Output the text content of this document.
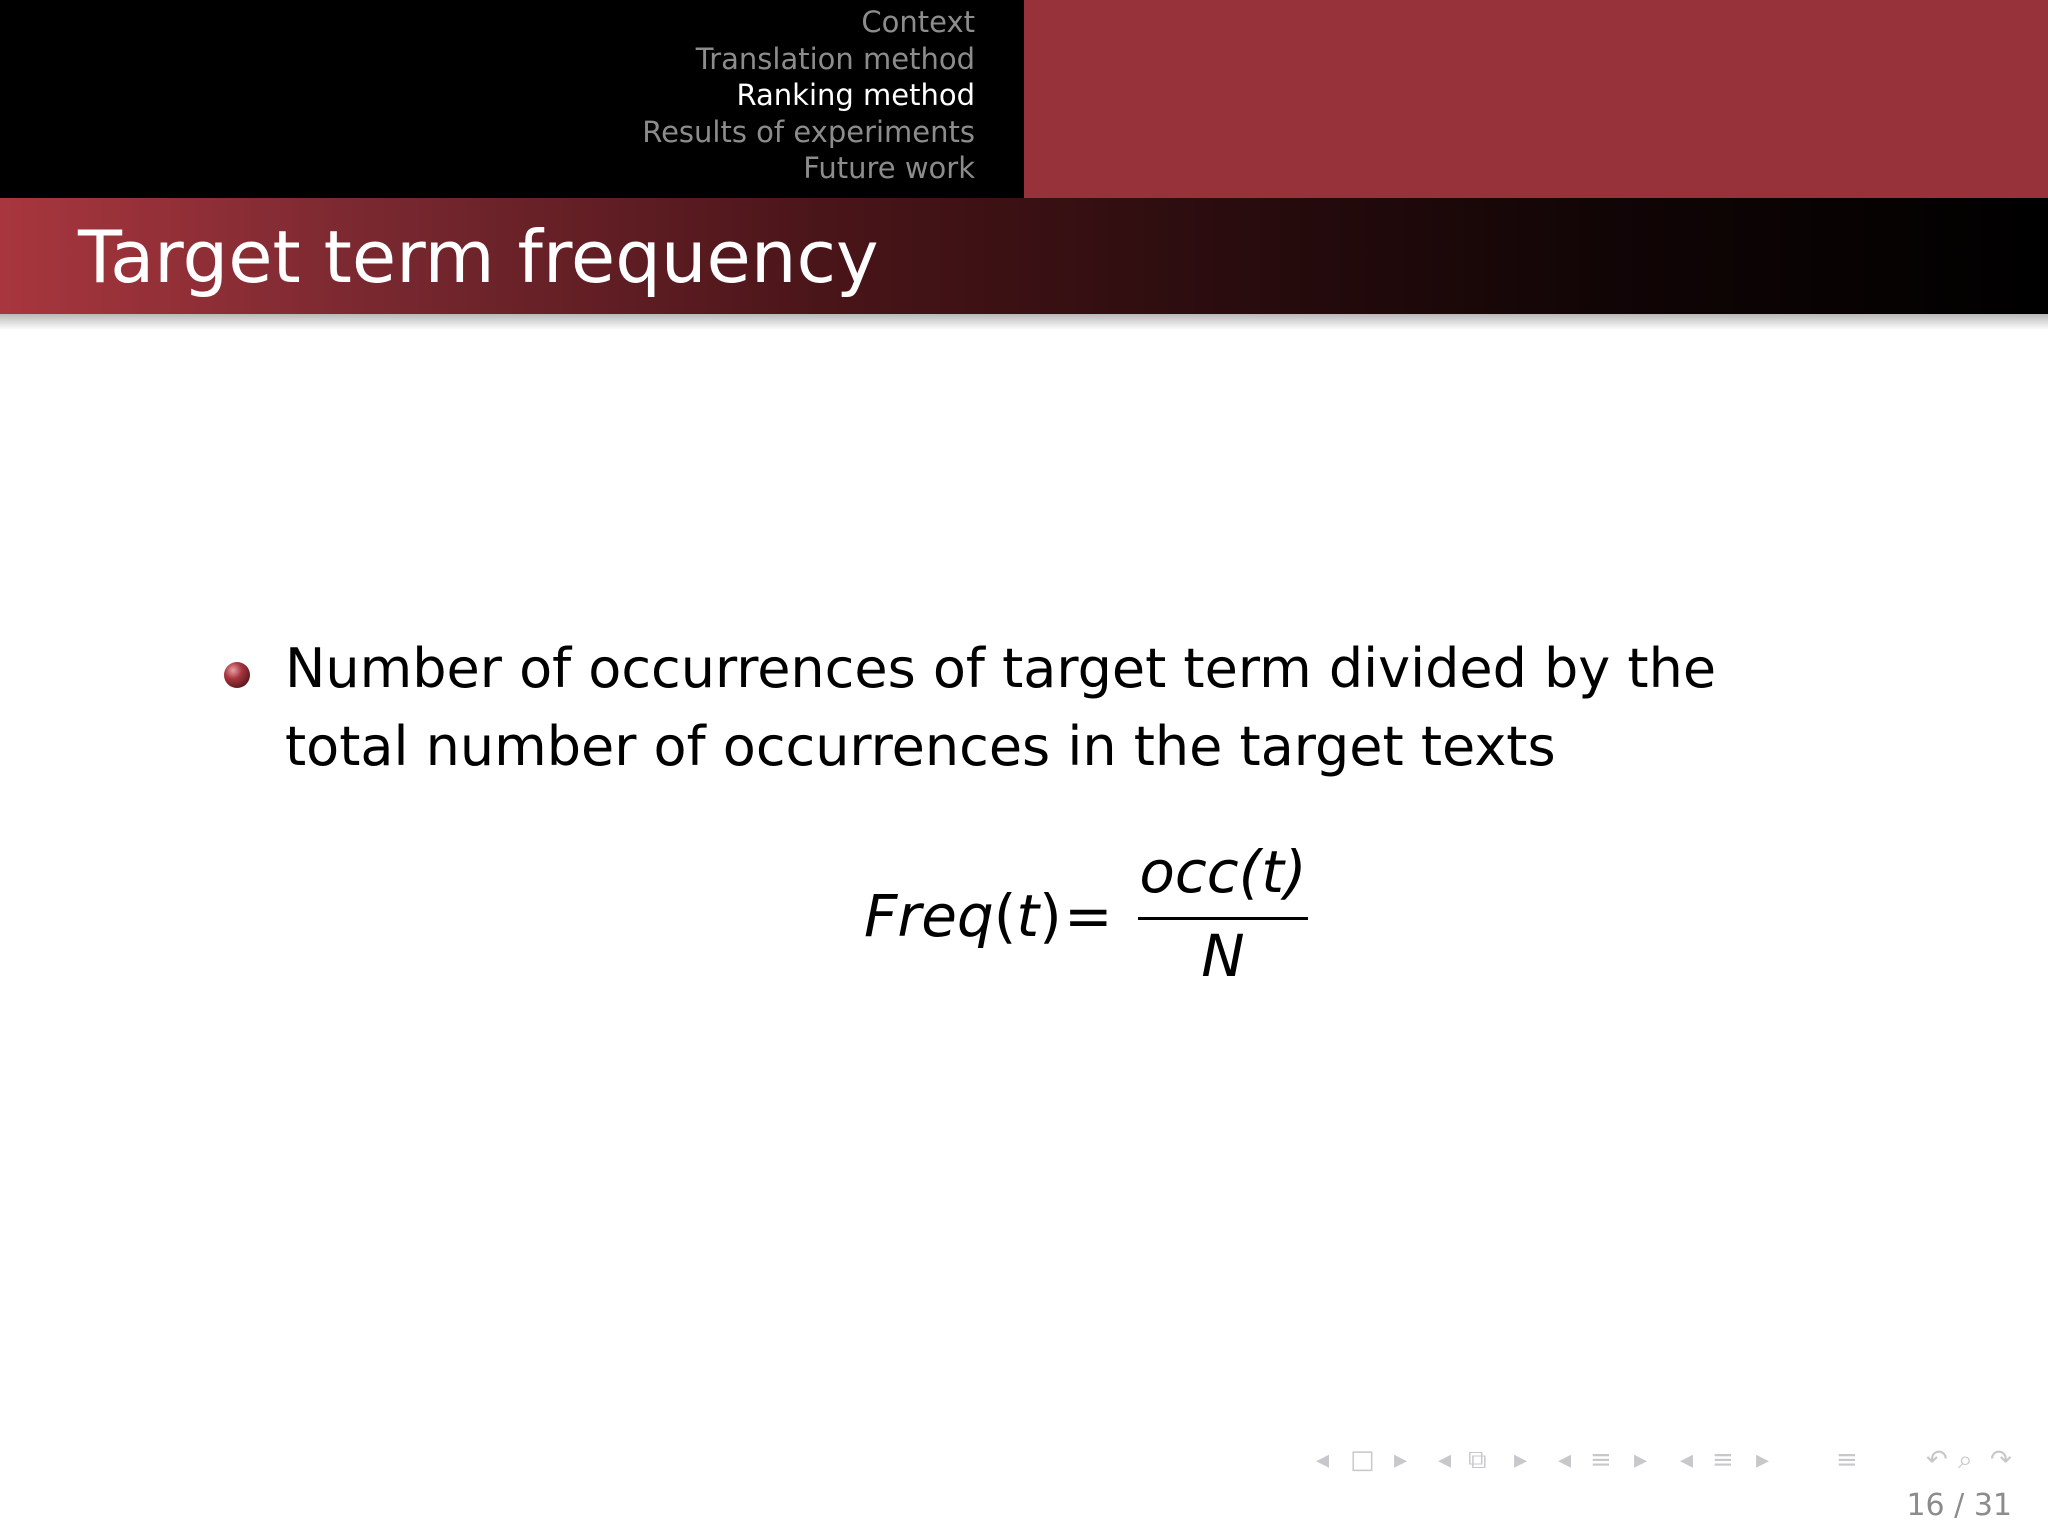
Context
Translation method
Ranking method
Results of experiments
Future work
Target term frequency
Number of occurrences of target term divided by the total number of occurrences in the target texts
Freq(t) =
occ(t)
N
◂ □ ▸ ◂ ⧉ ▸ ◂ ≡ ▸ ◂ ≡ ▸	≡	↶ ⌕ ↷
16 / 31
